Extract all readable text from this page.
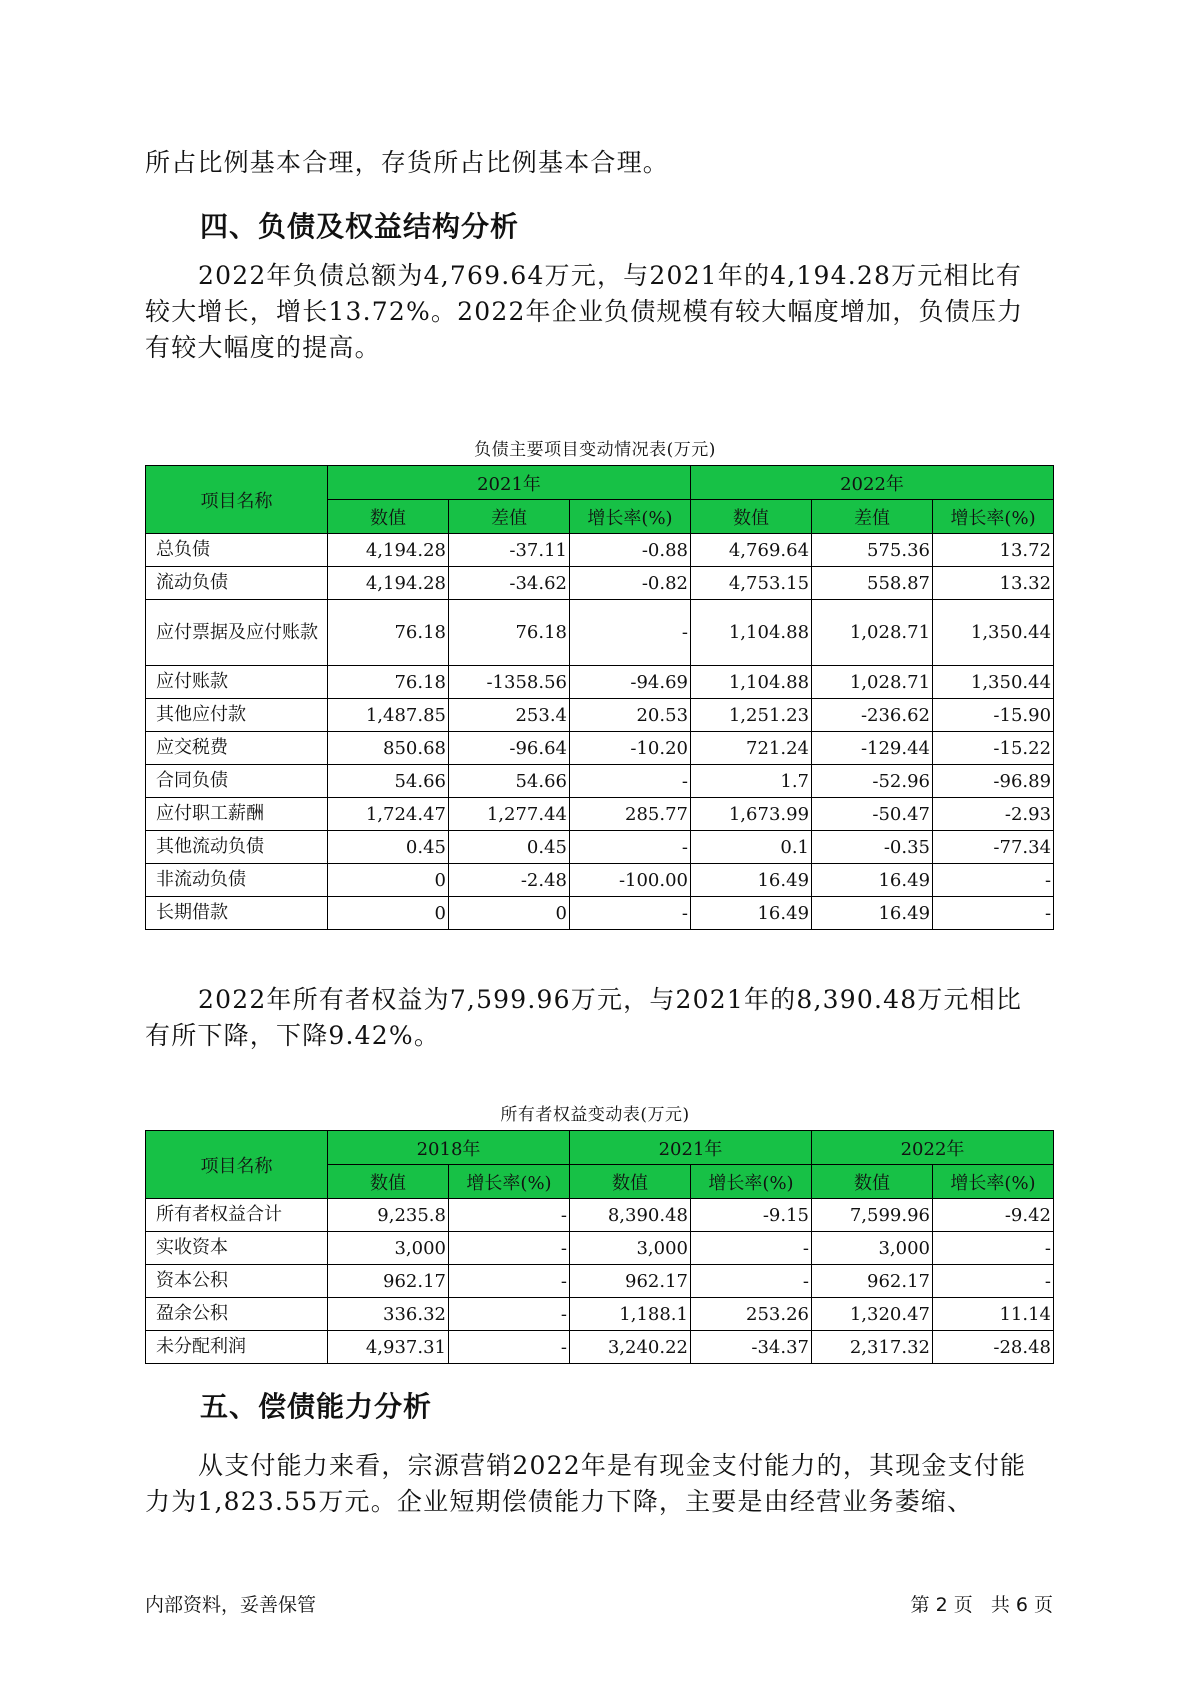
所占比例基本合理，存货所占比例基本合理。

四、负债及权益结构分析

2022年负债总额为4,769.64万元，与2021年的4,194.28万元相比有较大增长，增长13.72%。2022年企业负债规模有较大幅度增加，负债压力有较大幅度的提高。

负债主要项目变动情况表(万元)
项目名称	2021年			2022年		
	数值	差值	增长率(%)	数值	差值	增长率(%)
总负债	4,194.28	-37.11	-0.88	4,769.64	575.36	13.72
流动负债	4,194.28	-34.62	-0.82	4,753.15	558.87	13.32
应付票据及应付账款	76.18	76.18	-	1,104.88	1,028.71	1,350.44
应付账款	76.18	-1358.56	-94.69	1,104.88	1,028.71	1,350.44
其他应付款	1,487.85	253.4	20.53	1,251.23	-236.62	-15.90
应交税费	850.68	-96.64	-10.20	721.24	-129.44	-15.22
合同负债	54.66	54.66	-	1.7	-52.96	-96.89
应付职工薪酬	1,724.47	1,277.44	285.77	1,673.99	-50.47	-2.93
其他流动负债	0.45	0.45	-	0.1	-0.35	-77.34
非流动负债	0	-2.48	-100.00	16.49	16.49	-
长期借款	0	0	-	16.49	16.49	-

2022年所有者权益为7,599.96万元，与2021年的8,390.48万元相比有所下降，下降9.42%。

所有者权益变动表(万元)
项目名称	2018年		2021年		2022年	
	数值	增长率(%)	数值	增长率(%)	数值	增长率(%)
所有者权益合计	9,235.8	-	8,390.48	-9.15	7,599.96	-9.42
实收资本	3,000	-	3,000	-	3,000	-
资本公积	962.17	-	962.17	-	962.17	-
盈余公积	336.32	-	1,188.1	253.26	1,320.47	11.14
未分配利润	4,937.31	-	3,240.22	-34.37	2,317.32	-28.48
五、偿债能力分析

从支付能力来看，宗源营销2022年是有现金支付能力的，其现金支付能力为1,823.55万元。企业短期偿债能力下降，主要是由经营业务萎缩、

内部资料，妥善保管	第 2 页   共 6 页
